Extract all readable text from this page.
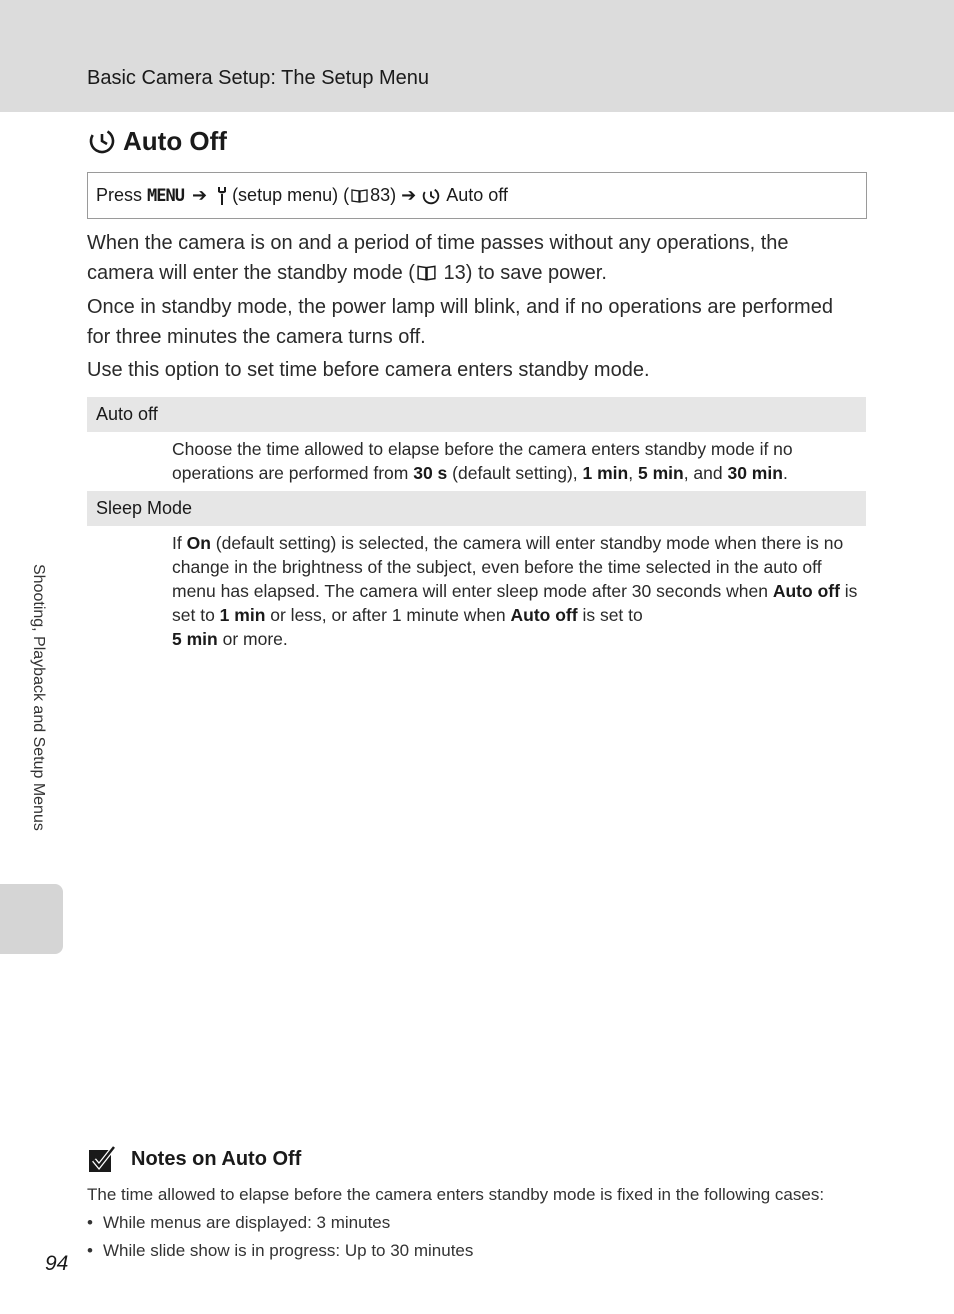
Basic Camera Setup: The Setup Menu
Auto Off
Press MENU ➔ (setup menu) ( 83) ➔ Auto off

When the camera is on and a period of time passes without any operations, the camera will enter the standby mode ( 13) to save power.

Once in standby mode, the power lamp will blink, and if no operations are performed for three minutes the camera turns off.

Use this option to set time before camera enters standby mode.

Auto off

Choose the time allowed to elapse before the camera enters standby mode if no operations are performed from 30 s (default setting), 1 min, 5 min, and 30 min.

Sleep Mode

If On (default setting) is selected, the camera will enter standby mode when there is no change in the brightness of the subject, even before the time selected in the auto off menu has elapsed. The camera will enter sleep mode after 30 seconds when Auto off is set to 1 min or less, or after 1 minute when Auto off is set to
5 min or more.

Shooting, Playback and Setup Menus
Notes on Auto Off

The time allowed to elapse before the camera enters standby mode is fixed in the following cases:

• While menus are displayed: 3 minutes
• While slide show is in progress: Up to 30 minutes
94
